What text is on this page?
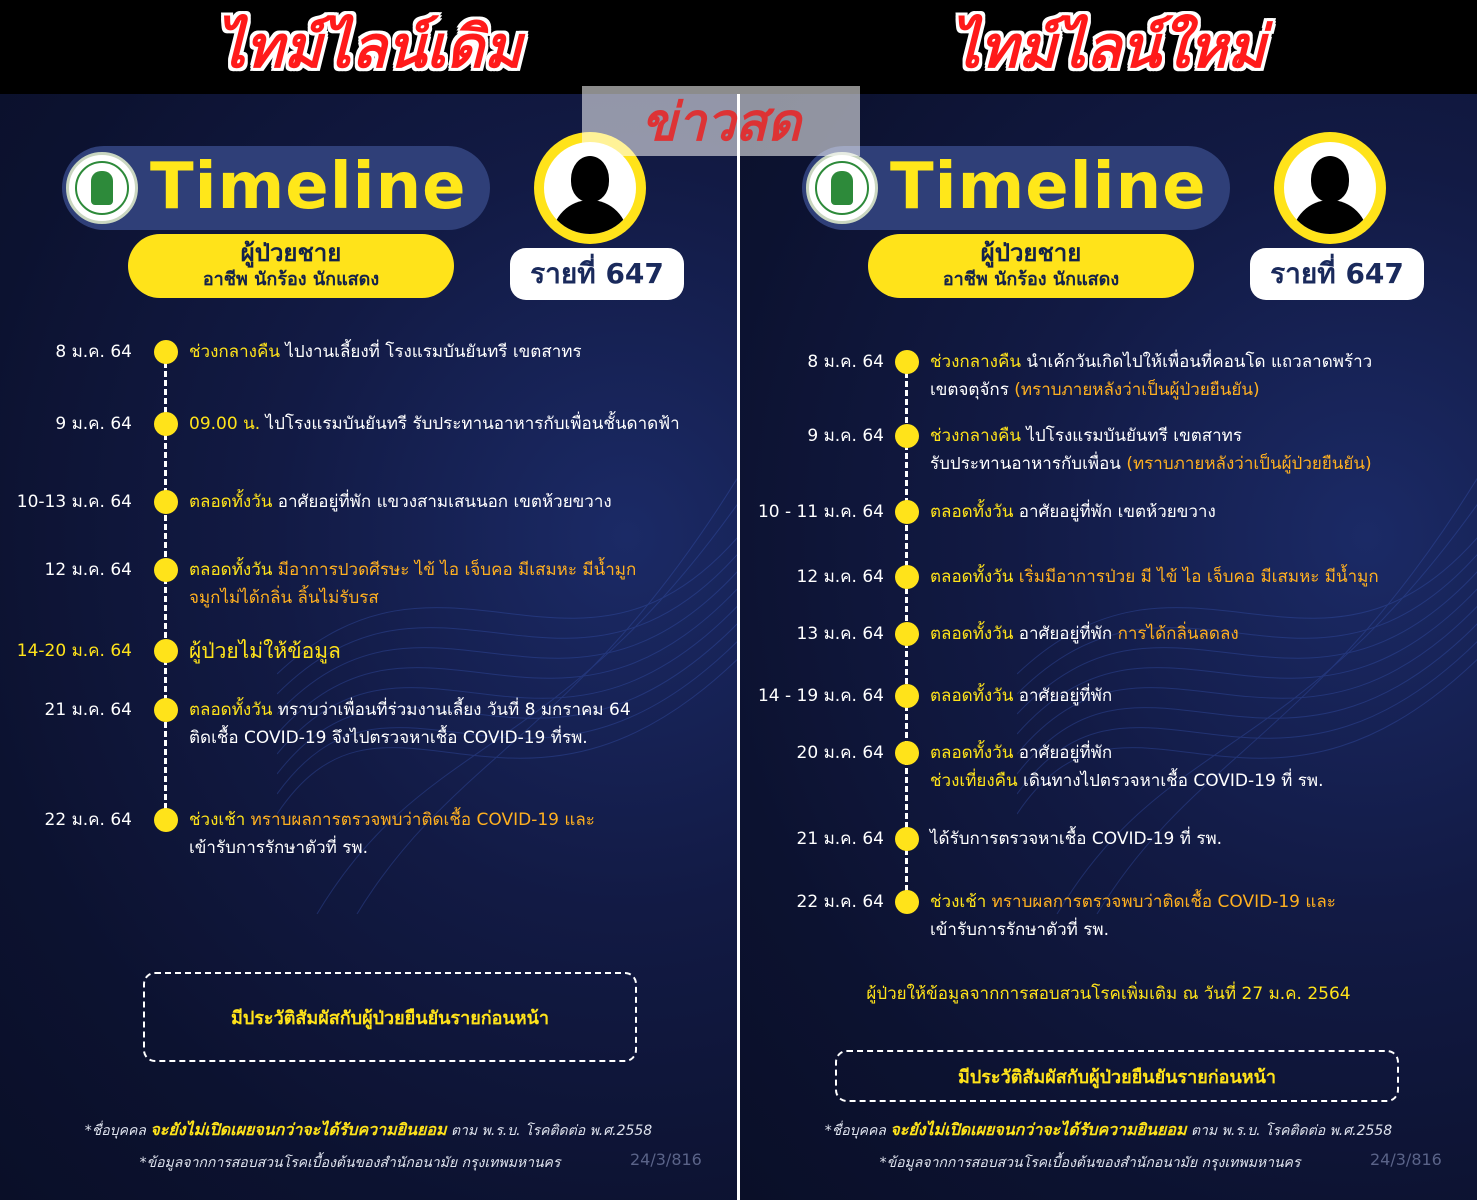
ไทม์ไลน์เดิม	ไทม์ไลน์ใหม่
Timeline
ผู้ป่วยชาย
อาชีพ นักร้อง นักแสดง	รายที่ 647
8 ม.ค. 64	ช่วงกลางคืน ไปงานเลี้ยงที่ โรงแรมบันยันทรี เขตสาทร
9 ม.ค. 64	09.00 น. ไปโรงแรมบันยันทรี รับประทานอาหารกับเพื่อนชั้นดาดฟ้า
10-13 ม.ค. 64	ตลอดทั้งวัน อาศัยอยู่ที่พัก แขวงสามเสนนอก เขตห้วยขวาง
12 ม.ค. 64	ตลอดทั้งวัน มีอาการปวดศีรษะ ไข้ ไอ เจ็บคอ มีเสมหะ มีน้ำมูก
จมูกไม่ได้กลิ่น ลิ้นไม่รับรส
14-20 ม.ค. 64	ผู้ป่วยไม่ให้ข้อมูล
21 ม.ค. 64	ตลอดทั้งวัน ทราบว่าเพื่อนที่ร่วมงานเลี้ยง วันที่ 8 มกราคม 64
ติดเชื้อ COVID-19 จึงไปตรวจหาเชื้อ COVID-19 ที่รพ.
22 ม.ค. 64	ช่วงเช้า ทราบผลการตรวจพบว่าติดเชื้อ COVID-19 และ
เข้ารับการรักษาตัวที่ รพ.
มีประวัติสัมผัสกับผู้ป่วยยืนยันรายก่อนหน้า
*ชื่อบุคคล จะยังไม่เปิดเผยจนกว่าจะได้รับความยินยอม ตาม พ.ร.บ. โรคติดต่อ พ.ศ.2558
*ข้อมูลจากการสอบสวนโรคเบื้องต้นของสำนักอนามัย กรุงเทพมหานคร	24/3/816
Timeline
ผู้ป่วยชาย
อาชีพ นักร้อง นักแสดง	รายที่ 647
8 ม.ค. 64	ช่วงกลางคืน นำเค้กวันเกิดไปให้เพื่อนที่คอนโด แถวลาดพร้าว
เขตจตุจักร (ทราบภายหลังว่าเป็นผู้ป่วยยืนยัน)
9 ม.ค. 64	ช่วงกลางคืน ไปโรงแรมบันยันทรี เขตสาทร
รับประทานอาหารกับเพื่อน (ทราบภายหลังว่าเป็นผู้ป่วยยืนยัน)
10 - 11 ม.ค. 64	ตลอดทั้งวัน อาศัยอยู่ที่พัก เขตห้วยขวาง
12 ม.ค. 64	ตลอดทั้งวัน เริ่มมีอาการป่วย มี ไข้ ไอ เจ็บคอ มีเสมหะ มีน้ำมูก
13 ม.ค. 64	ตลอดทั้งวัน อาศัยอยู่ที่พัก การได้กลิ่นลดลง
14 - 19 ม.ค. 64	ตลอดทั้งวัน อาศัยอยู่ที่พัก
20 ม.ค. 64	ตลอดทั้งวัน อาศัยอยู่ที่พัก
ช่วงเที่ยงคืน เดินทางไปตรวจหาเชื้อ COVID-19 ที่ รพ.
21 ม.ค. 64	ได้รับการตรวจหาเชื้อ COVID-19 ที่ รพ.
22 ม.ค. 64	ช่วงเช้า ทราบผลการตรวจพบว่าติดเชื้อ COVID-19 และ
เข้ารับการรักษาตัวที่ รพ.
ผู้ป่วยให้ข้อมูลจากการสอบสวนโรคเพิ่มเติม ณ วันที่ 27 ม.ค. 2564
มีประวัติสัมผัสกับผู้ป่วยยืนยันรายก่อนหน้า
*ชื่อบุคคล จะยังไม่เปิดเผยจนกว่าจะได้รับความยินยอม ตาม พ.ร.บ. โรคติดต่อ พ.ศ.2558
*ข้อมูลจากการสอบสวนโรคเบื้องต้นของสำนักอนามัย กรุงเทพมหานคร	24/3/816
ข่าวสด
